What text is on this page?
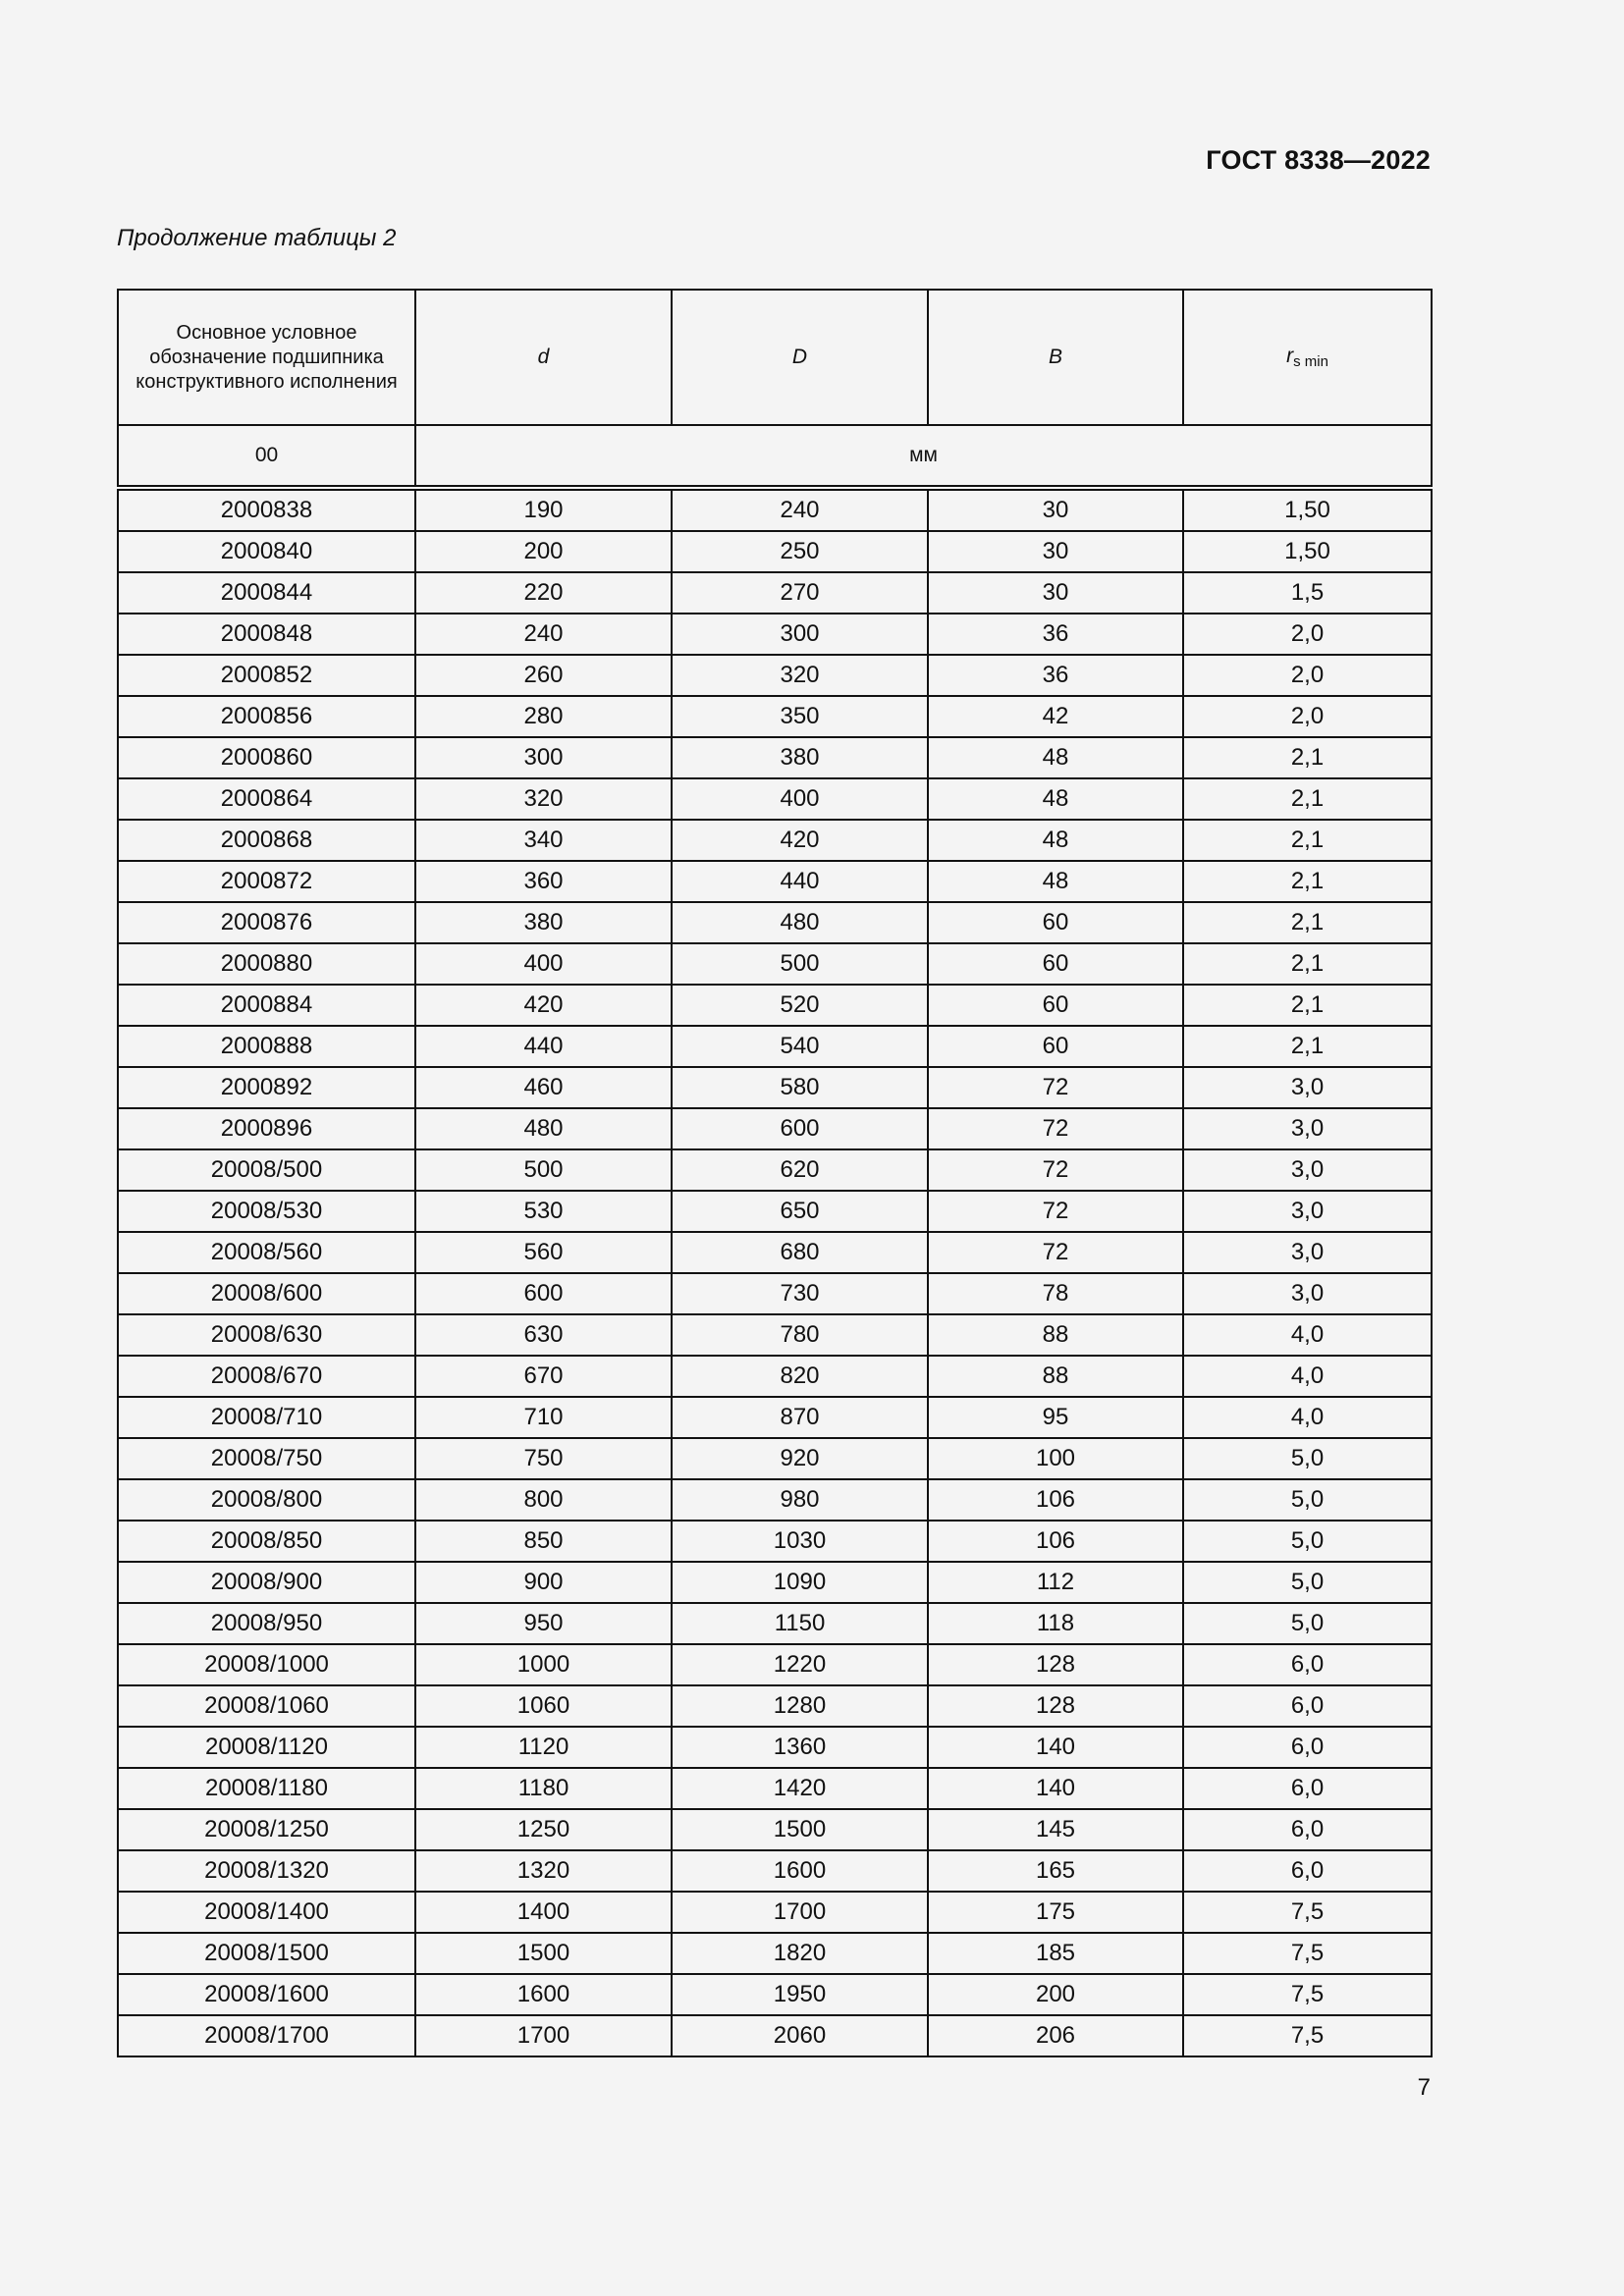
ГОСТ 8338—2022
Продолжение таблицы 2
Основное условное обозначение подшипника конструктивного исполнения	d	D	B	$r_{s min}$
00	мм			
2000838	190	240	30	1,50
2000840	200	250	30	1,50
2000844	220	270	30	1,5
2000848	240	300	36	2,0
2000852	260	320	36	2,0
2000856	280	350	42	2,0
2000860	300	380	48	2,1
2000864	320	400	48	2,1
2000868	340	420	48	2,1
2000872	360	440	48	2,1
2000876	380	480	60	2,1
2000880	400	500	60	2,1
2000884	420	520	60	2,1
2000888	440	540	60	2,1
2000892	460	580	72	3,0
2000896	480	600	72	3,0
20008/500	500	620	72	3,0
20008/530	530	650	72	3,0
20008/560	560	680	72	3,0
20008/600	600	730	78	3,0
20008/630	630	780	88	4,0
20008/670	670	820	88	4,0
20008/710	710	870	95	4,0
20008/750	750	920	100	5,0
20008/800	800	980	106	5,0
20008/850	850	1030	106	5,0
20008/900	900	1090	112	5,0
20008/950	950	1150	118	5,0
20008/1000	1000	1220	128	6,0
20008/1060	1060	1280	128	6,0
20008/1120	1120	1360	140	6,0
20008/1180	1180	1420	140	6,0
20008/1250	1250	1500	145	6,0
20008/1320	1320	1600	165	6,0
20008/1400	1400	1700	175	7,5
20008/1500	1500	1820	185	7,5
20008/1600	1600	1950	200	7,5
20008/1700	1700	2060	206	7,5
7
